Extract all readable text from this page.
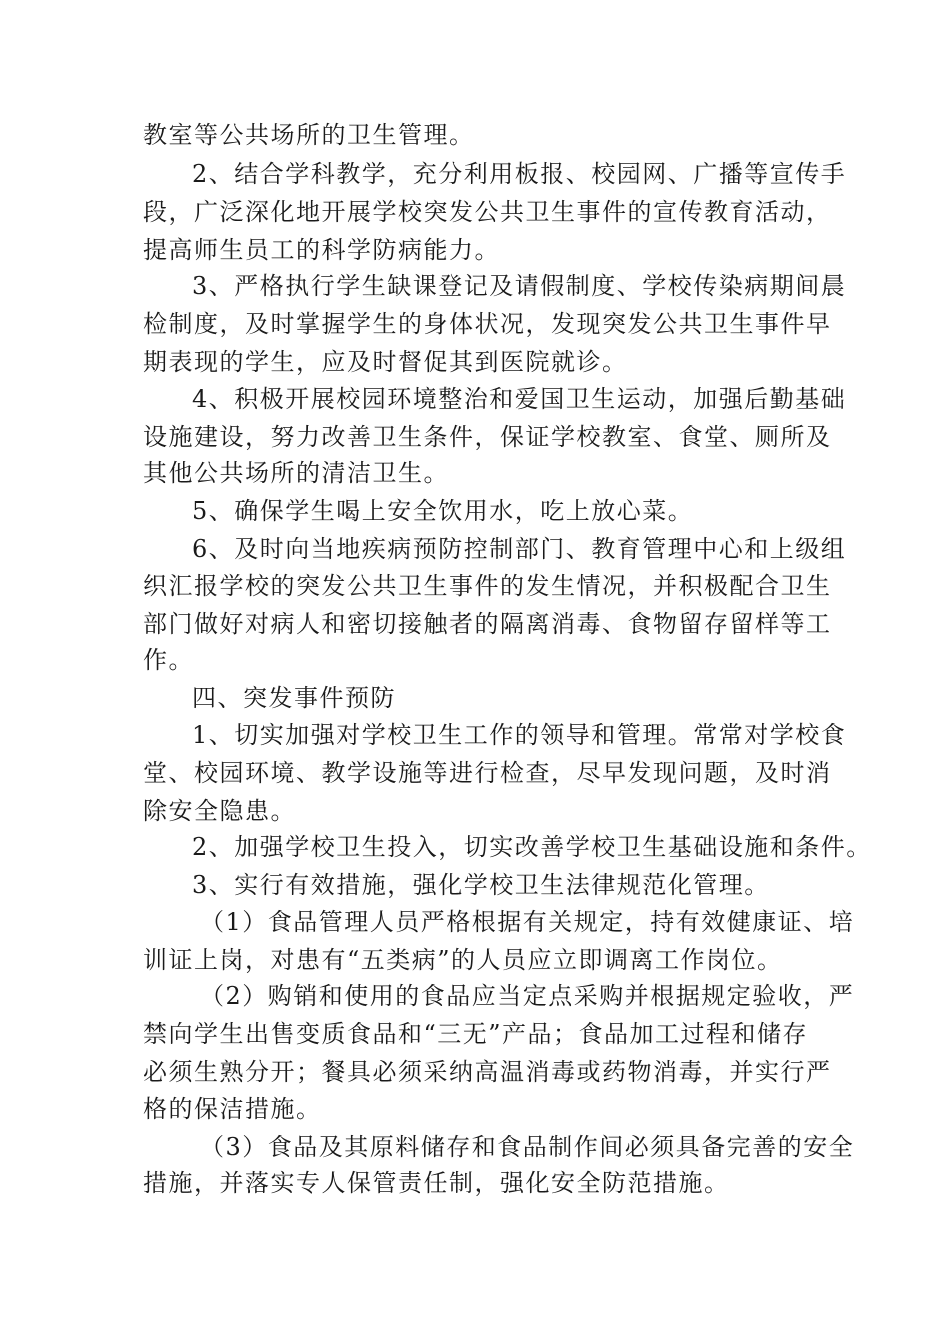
教室等公共场所的卫生管理。

2、结合学科教学，充分利用板报、校园网、广播等宣传手

段，广泛深化地开展学校突发公共卫生事件的宣传教育活动，

提高师生员工的科学防病能力。

3、严格执行学生缺课登记及请假制度、学校传染病期间晨

检制度，及时掌握学生的身体状况，发现突发公共卫生事件早

期表现的学生，应及时督促其到医院就诊。

4、积极开展校园环境整治和爱国卫生运动，加强后勤基础

设施建设，努力改善卫生条件，保证学校教室、食堂、厕所及

其他公共场所的清洁卫生。

5、确保学生喝上安全饮用水，吃上放心菜。

6、及时向当地疾病预防控制部门、教育管理中心和上级组

织汇报学校的突发公共卫生事件的发生情况，并积极配合卫生

部门做好对病人和密切接触者的隔离消毒、食物留存留样等工

作。

四、突发事件预防

1、切实加强对学校卫生工作的领导和管理。常常对学校食

堂、校园环境、教学设施等进行检查，尽早发现问题，及时消

除安全隐患。

2、加强学校卫生投入，切实改善学校卫生基础设施和条件。

3、实行有效措施，强化学校卫生法律规范化管理。

（1）食品管理人员严格根据有关规定，持有效健康证、培

训证上岗，对患有“五类病”的人员应立即调离工作岗位。

（2）购销和使用的食品应当定点采购并根据规定验收，严

禁向学生出售变质食品和“三无”产品；食品加工过程和储存

必须生熟分开；餐具必须采纳高温消毒或药物消毒，并实行严

格的保洁措施。

（3）食品及其原料储存和食品制作间必须具备完善的安全

措施，并落实专人保管责任制，强化安全防范措施。
